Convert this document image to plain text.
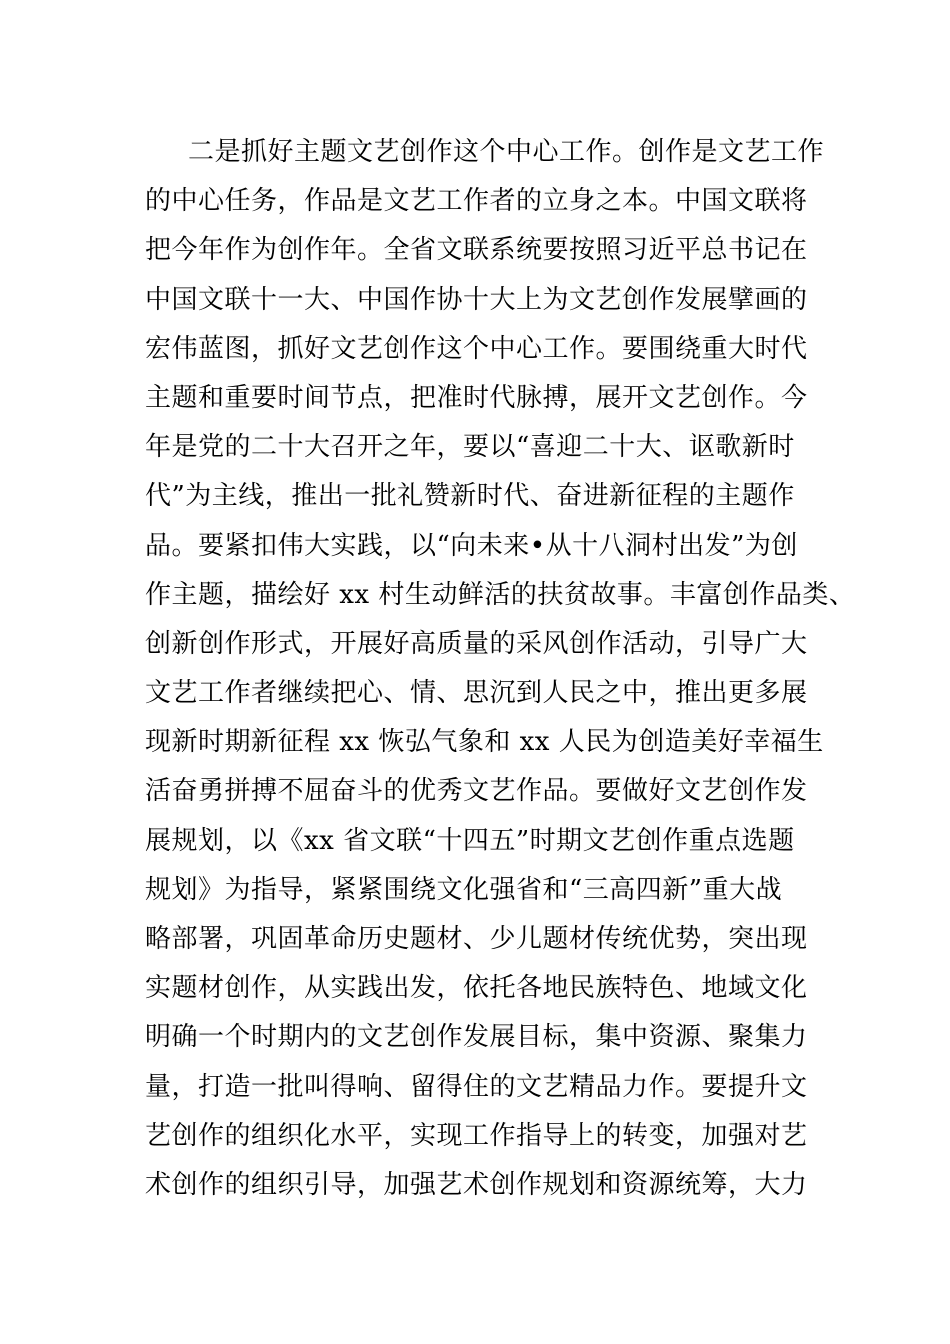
二是抓好主题文艺创作这个中心工作。创作是文艺工作
的中心任务，作品是文艺工作者的立身之本。中国文联将
把今年作为创作年。全省文联系统要按照习近平总书记在
中国文联十一大、中国作协十大上为文艺创作发展擘画的
宏伟蓝图，抓好文艺创作这个中心工作。要围绕重大时代
主题和重要时间节点，把准时代脉搏，展开文艺创作。今
年是党的二十大召开之年，要以“喜迎二十大、讴歌新时
代”为主线，推出一批礼赞新时代、奋进新征程的主题作
品。要紧扣伟大实践，以“向未来•从十八洞村出发”为创
作主题，描绘好 xx 村生动鲜活的扶贫故事。丰富创作品类、
创新创作形式，开展好高质量的采风创作活动，引导广大
文艺工作者继续把心、情、思沉到人民之中，推出更多展
现新时期新征程 xx 恢弘气象和 xx 人民为创造美好幸福生
活奋勇拼搏不屈奋斗的优秀文艺作品。要做好文艺创作发
展规划，以《xx 省文联“十四五”时期文艺创作重点选题
规划》为指导，紧紧围绕文化强省和“三高四新”重大战
略部署，巩固革命历史题材、少儿题材传统优势，突出现
实题材创作，从实践出发，依托各地民族特色、地域文化
明确一个时期内的文艺创作发展目标，集中资源、聚集力
量，打造一批叫得响、留得住的文艺精品力作。要提升文
艺创作的组织化水平，实现工作指导上的转变，加强对艺
术创作的组织引导，加强艺术创作规划和资源统筹，大力
